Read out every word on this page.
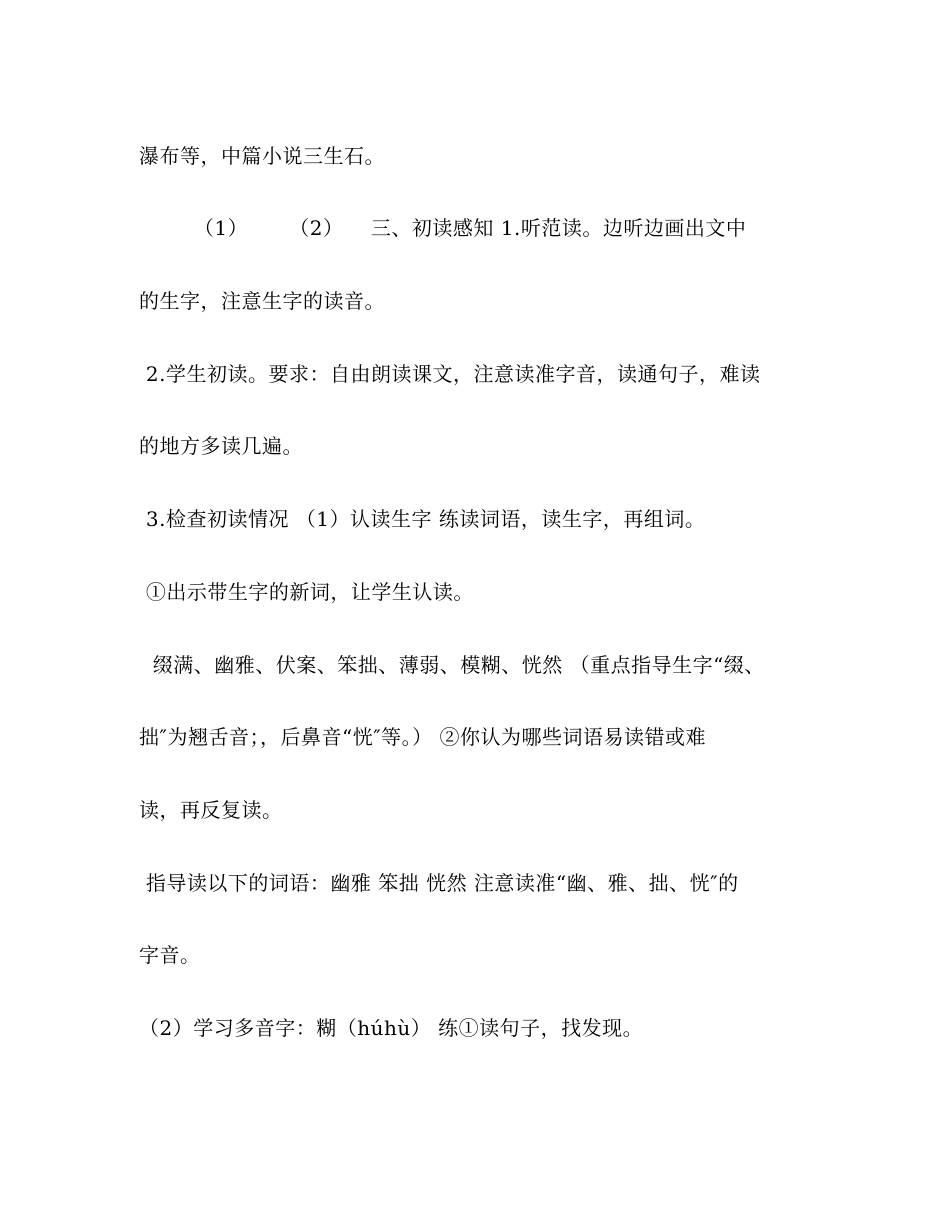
瀑布等，中篇小说三生石。
（1）      （2）    三、初读感知 1.听范读。边听边画出文中
的生字，注意生字的读音。
2.学生初读。要求：自由朗读课文，注意读准字音，读通句子，难读
的地方多读几遍。
3.检查初读情况 （1）认读生字 练读词语，读生字，再组词。
①出示带生字的新词，让学生认读。
缀满、幽雅、伏案、笨拙、薄弱、模糊、恍然 （重点指导生字“缀、
拙″为翘舌音；，后鼻音“恍″等。） ②你认为哪些词语易读错或难
读，再反复读。
指导读以下的词语：幽雅 笨拙 恍然 注意读准“幽、雅、拙、恍″的
字音。
（2）学习多音字：糊（húhù） 练①读句子，找发现。
